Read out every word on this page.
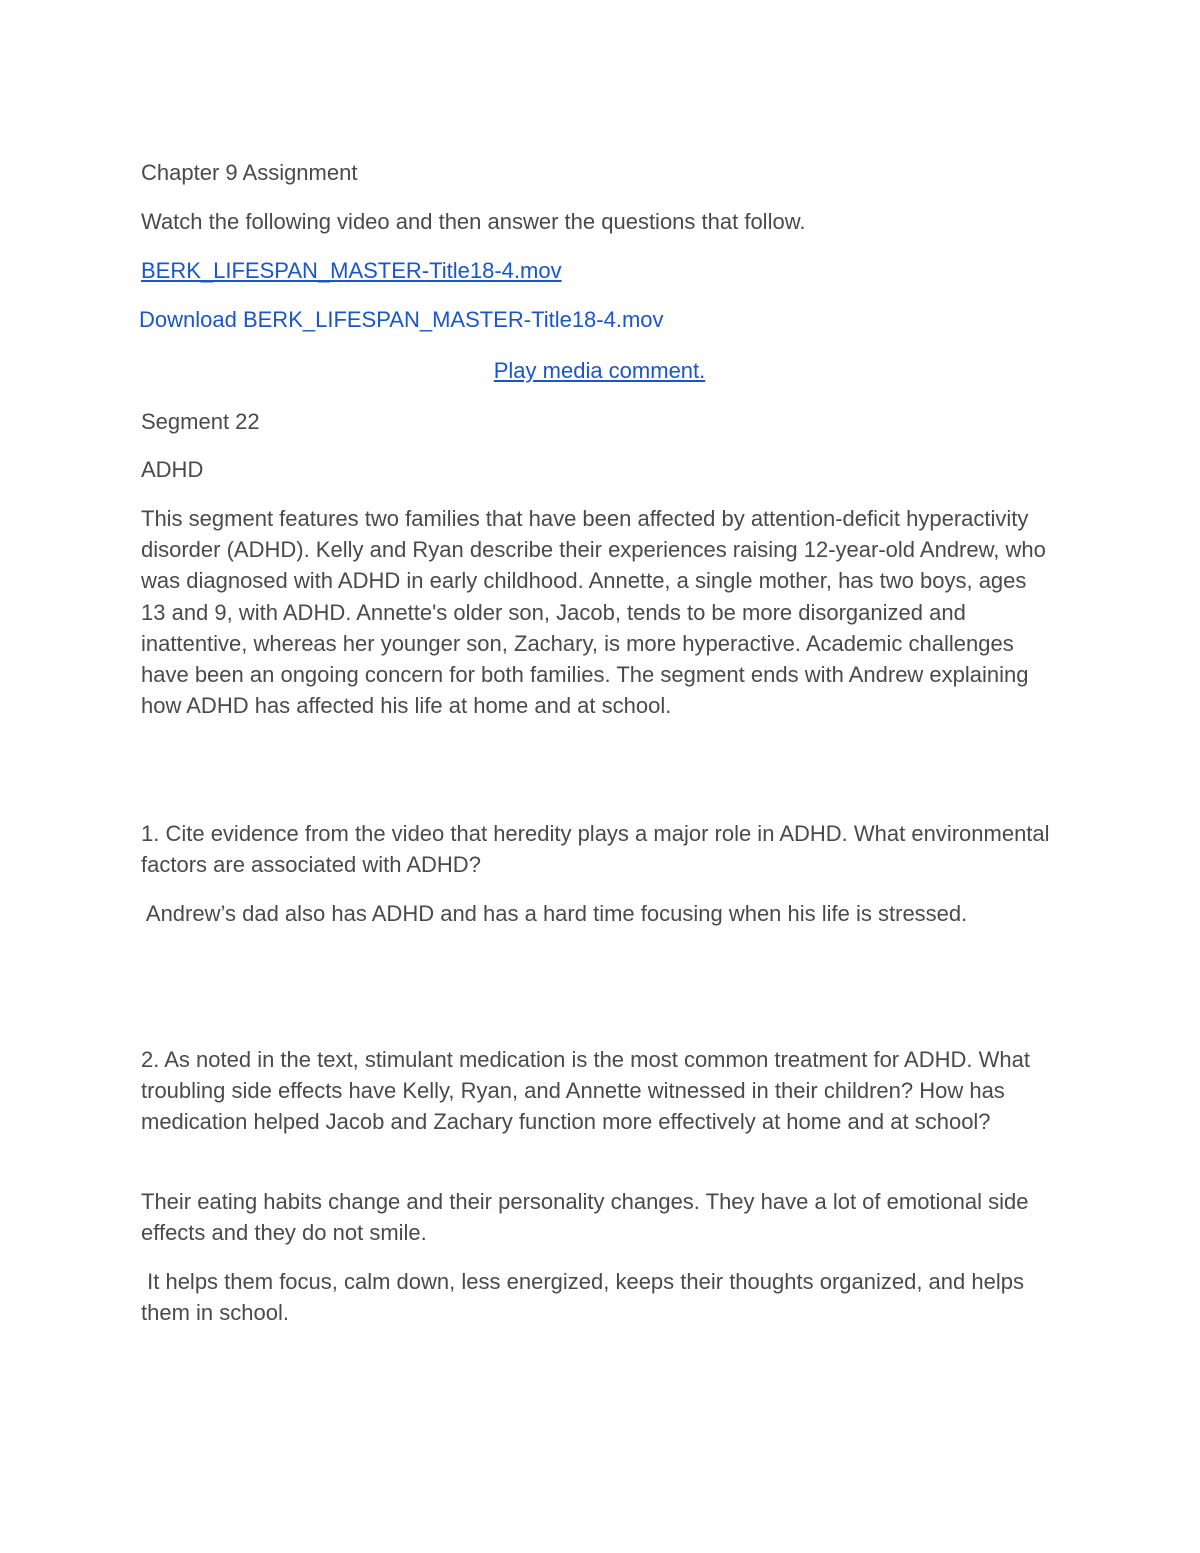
Chapter 9 Assignment

Watch the following video and then answer the questions that follow.

BERK_LIFESPAN_MASTER-Title18-4.mov

Download BERK_LIFESPAN_MASTER-Title18-4.mov

Play media comment.

Segment 22

ADHD

This segment features two families that have been affected by attention-deficit hyperactivity disorder (ADHD). Kelly and Ryan describe their experiences raising 12-year-old Andrew, who was diagnosed with ADHD in early childhood. Annette, a single mother, has two boys, ages 13 and 9, with ADHD. Annette's older son, Jacob, tends to be more disorganized and inattentive, whereas her younger son, Zachary, is more hyperactive. Academic challenges have been an ongoing concern for both families. The segment ends with Andrew explaining how ADHD has affected his life at home and at school.

1. Cite evidence from the video that heredity plays a major role in ADHD. What environmental factors are associated with ADHD?

Andrew’s dad also has ADHD and has a hard time focusing when his life is stressed.

2. As noted in the text, stimulant medication is the most common treatment for ADHD. What troubling side effects have Kelly, Ryan, and Annette witnessed in their children? How has medication helped Jacob and Zachary function more effectively at home and at school?

Their eating habits change and their personality changes. They have a lot of emotional side effects and they do not smile.

It helps them focus, calm down, less energized, keeps their thoughts organized, and helps them in school.
